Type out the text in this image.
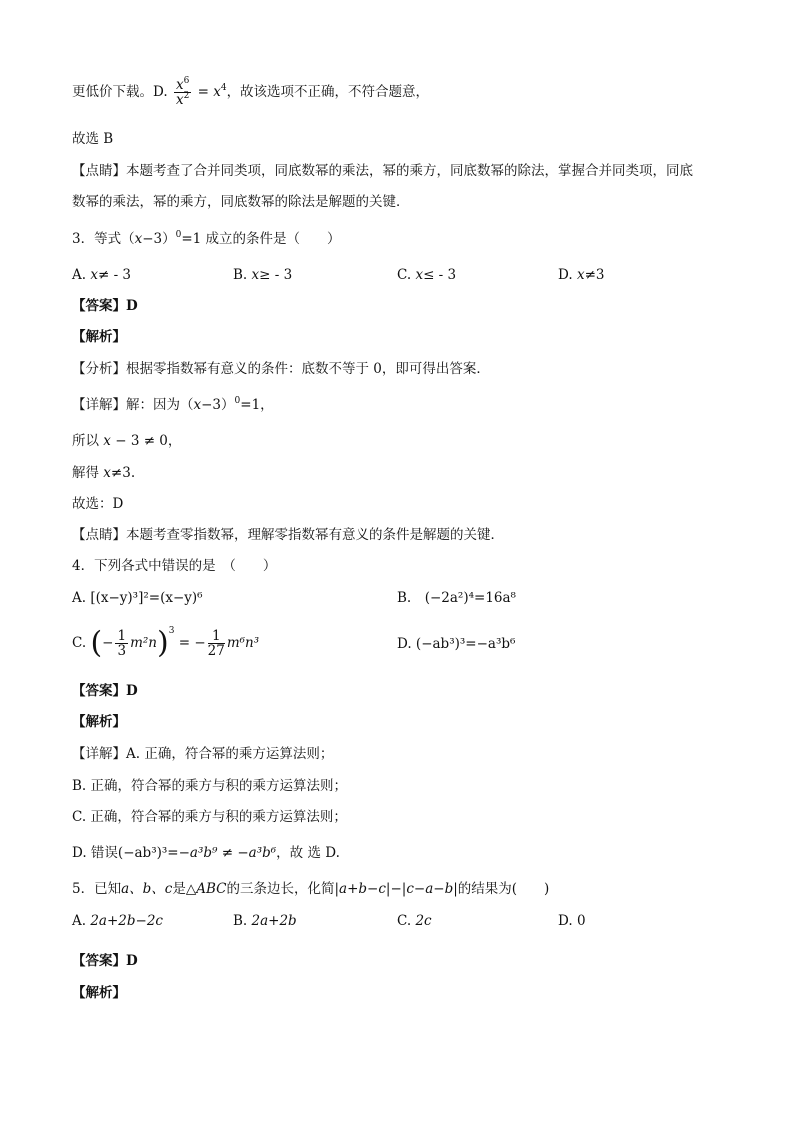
更低价下载。D. $\frac{x^6}{x^2} = x^4$，故该选项不正确，不符合题意，
故选 B
【点睛】本题考查了合并同类项，同底数幂的乘法，幂的乘方，同底数幂的除法，掌握合并同类项，同底
数幂的乘法，幂的乘方，同底数幂的除法是解题的关键．
3．等式$(x-3)^0=1$ 成立的条件是（　　）
A. x≠ - 3	B. x≥ - 3	C. x≤ - 3	D. x≠3
【答案】D
【解析】
【分析】根据零指数幂有意义的条件：底数不等于 0，即可得出答案．
【详解】解：因为$(x-3)^0=1$，
所以 x − 3 ≠ 0，
解得 x≠3.
故选：D
【点睛】本题考查零指数幂，理解零指数幂有意义的条件是解题的关键．
4．下列各式中错误的是　（　　）
A. [(x−y)³]²=(x−y)⁶	B.　(−2a²)⁴=16a⁸
C. (− $\frac{1}{3} m^2n)^3$ = − $\frac{1}{27} m^6n^3$	D. (−ab³)³=−a³b⁶
【答案】D
【解析】
【详解】A. 正确，符合幂的乘方运算法则；
B. 正确，符合幂的乘方与积的乘方运算法则；
C. 正确，符合幂的乘方与积的乘方运算法则；
D. 错误(−ab³)³=−a³b⁹ ≠ −a³b⁶，故 选 D.
5．已知a、b、c是△ABC的三条边长，化简|a+b−c|−|c−a−b|的结果为(　　)
A. 2a+2b−2c	B. 2a+2b	C. 2c	D. 0
【答案】D
【解析】
